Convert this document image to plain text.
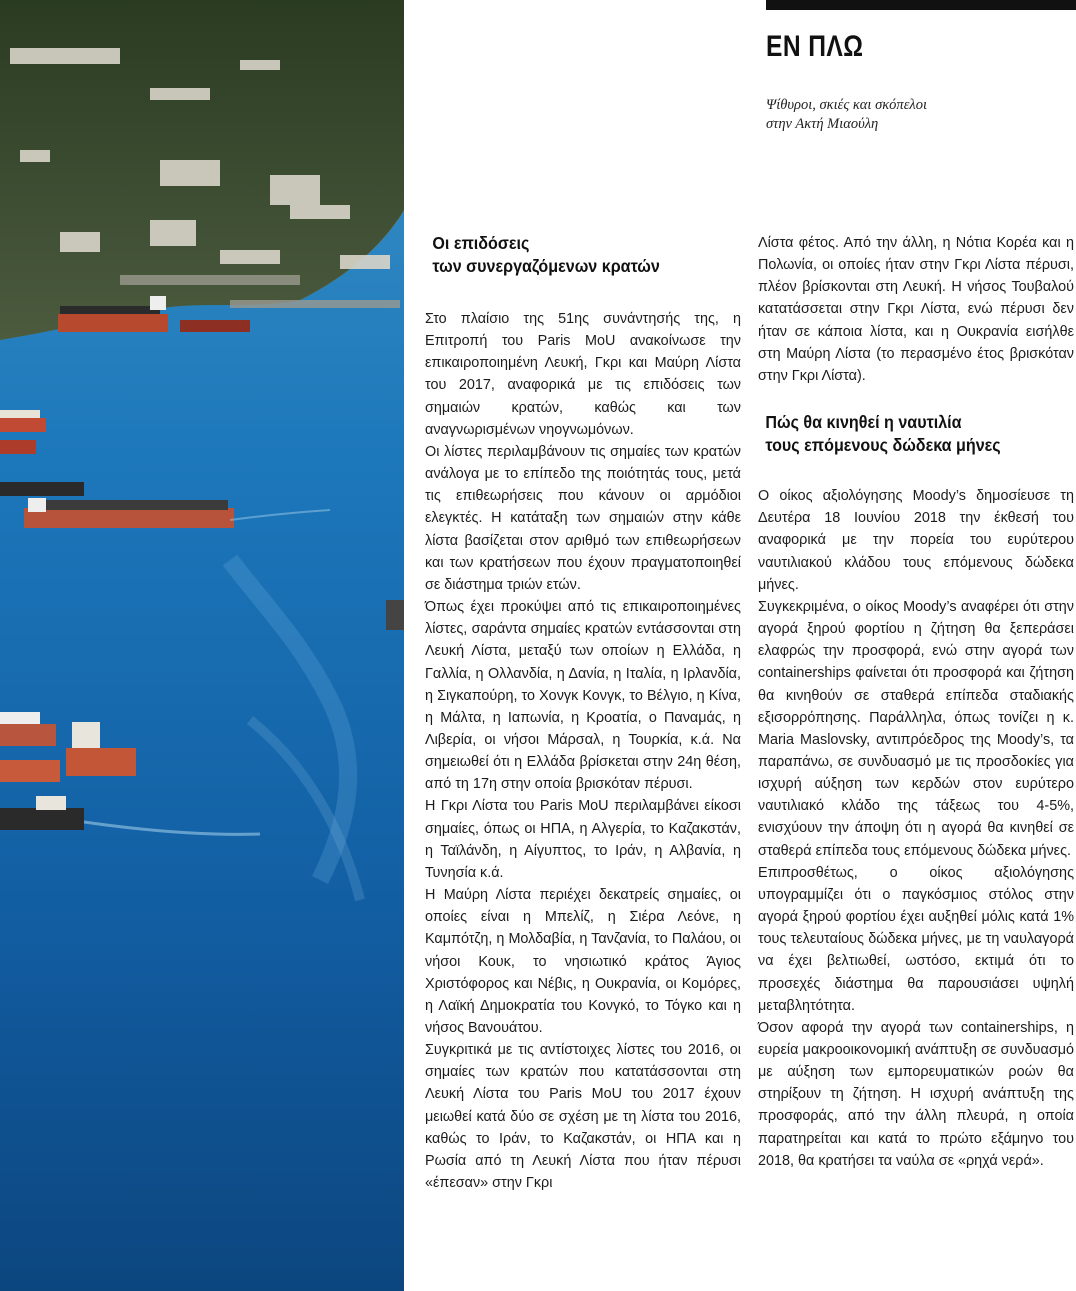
ΕΝ ΠΛΩ
Ψίθυροι, σκιές και σκόπελοι
στην Ακτή Μιαούλη
Οι επιδόσεις
των συνεργαζόμενων κρατών

Στο πλαίσιο της 51ης συνάντησής της, η Επιτροπή του Paris MoU ανακοίνωσε την επικαιροποιημένη Λευκή, Γκρι και Μαύρη Λίστα του 2017, αναφορικά με τις επιδόσεις των σημαιών κρατών, καθώς και των αναγνωρισμένων νηογνωμόνων.

Οι λίστες περιλαμβάνουν τις σημαίες των κρατών ανάλογα με το επίπεδο της ποιότητάς τους, μετά τις επιθεωρήσεις που κάνουν οι αρμόδιοι ελεγκτές. Η κατάταξη των σημαιών στην κάθε λίστα βασίζεται στον αριθμό των επιθεωρήσεων και των κρατήσεων που έχουν πραγματοποιηθεί σε διάστημα τριών ετών.

Όπως έχει προκύψει από τις επικαιροποιημένες λίστες, σαράντα σημαίες κρατών εντάσσονται στη Λευκή Λίστα, μεταξύ των οποίων η Ελλάδα, η Γαλλία, η Ολλανδία, η Δανία, η Ιταλία, η Ιρλανδία, η Σιγκαπούρη, το Χονγκ Κονγκ, το Βέλγιο, η Κίνα, η Μάλτα, η Ιαπωνία, η Κροατία, ο Παναμάς, η Λιβερία, οι νήσοι Μάρσαλ, η Τουρκία, κ.ά. Να σημειωθεί ότι η Ελλάδα βρίσκεται στην 24η θέση, από τη 17η στην οποία βρισκόταν πέρυσι.

Η Γκρι Λίστα του Paris MoU περιλαμβάνει είκοσι σημαίες, όπως οι ΗΠΑ, η Αλγερία, το Καζακστάν, η Ταϊλάνδη, η Αίγυπτος, το Ιράν, η Αλβανία, η Τυνησία κ.ά.

Η Μαύρη Λίστα περιέχει δεκατρείς σημαίες, οι οποίες είναι η Μπελίζ, η Σιέρα Λεόνε, η Καμπότζη, η Μολδαβία, η Τανζανία, το Παλάου, οι νήσοι Κουκ, το νησιωτικό κράτος Άγιος Χριστόφορος και Νέβις, η Ουκρανία, οι Κομόρες, η Λαϊκή Δημοκρατία του Κονγκό, το Τόγκο και η νήσος Βανουάτου.

Συγκριτικά με τις αντίστοιχες λίστες του 2016, οι σημαίες των κρατών που κατατάσσονται στη Λευκή Λίστα του Paris MoU του 2017 έχουν μειωθεί κατά δύο σε σχέση με τη λίστα του 2016, καθώς το Ιράν, το Καζακστάν, οι ΗΠΑ και η Ρωσία από τη Λευκή Λίστα που ήταν πέρυσι «έπεσαν» στην Γκρι

Λίστα φέτος. Από την άλλη, η Νότια Κορέα και η Πολωνία, οι οποίες ήταν στην Γκρι Λίστα πέρυσι, πλέον βρίσκονται στη Λευκή. Η νήσος Τουβαλού κατατάσσεται στην Γκρι Λίστα, ενώ πέρυσι δεν ήταν σε κάποια λίστα, και η Ουκρανία εισήλθε στη Μαύρη Λίστα (το περασμένο έτος βρισκόταν στην Γκρι Λίστα).

Πώς θα κινηθεί η ναυτιλία
τους επόμενους δώδεκα μήνες

Ο οίκος αξιολόγησης Moody’s δημοσίευσε τη Δευτέρα 18 Ιουνίου 2018 την έκθεσή του αναφορικά με την πορεία του ευρύτερου ναυτιλιακού κλάδου τους επόμενους δώδεκα μήνες.

Συγκεκριμένα, ο οίκος Moody’s αναφέρει ότι στην αγορά ξηρού φορτίου η ζήτηση θα ξεπεράσει ελαφρώς την προσφορά, ενώ στην αγορά των containerships φαίνεται ότι προσφορά και ζήτηση θα κινηθούν σε σταθερά επίπεδα σταδιακής εξισορρόπησης. Παράλληλα, όπως τονίζει η κ. Maria Maslovsky, αντιπρόεδρος της Moody’s, τα παραπάνω, σε συνδυασμό με τις προσδοκίες για ισχυρή αύξηση των κερδών στον ευρύτερο ναυτιλιακό κλάδο της τάξεως του 4-5%, ενισχύουν την άποψη ότι η αγορά θα κινηθεί σε σταθερά επίπεδα τους επόμενους δώδεκα μήνες.

Επιπροσθέτως, ο οίκος αξιολόγησης υπογραμμίζει ότι ο παγκόσμιος στόλος στην αγορά ξηρού φορτίου έχει αυξηθεί μόλις κατά 1% τους τελευταίους δώδεκα μήνες, με τη ναυλαγορά να έχει βελτιωθεί, ωστόσο, εκτιμά ότι το προσεχές διάστημα θα παρουσιάσει υψηλή μεταβλητότητα.

Όσον αφορά την αγορά των containerships, η ευρεία μακροοικονομική ανάπτυξη σε συνδυασμό με αύξηση των εμπορευματικών ροών θα στηρίξουν τη ζήτηση. Η ισχυρή ανάπτυξη της προσφοράς, από την άλλη πλευρά, η οποία παρατηρείται και κατά το πρώτο εξάμηνο του 2018, θα κρατήσει τα ναύλα σε «ρηχά νερά».
